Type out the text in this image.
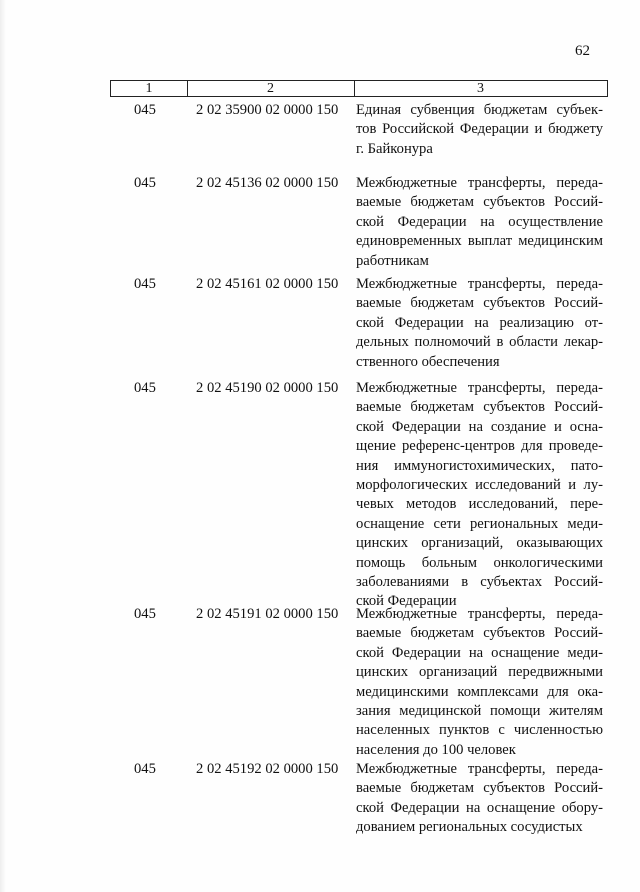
62
1	2	3
045	2 02 35900 02 0000 150	Единая субвенция бюджетам субъек-
тов Российской Федерации и бюджету
г. Байконура
045	2 02 45136 02 0000 150	Межбюджетные трансферты, переда-
ваемые бюджетам субъектов Россий-
ской Федерации на осуществление
единовременных выплат медицинским
работникам
045	2 02 45161 02 0000 150	Межбюджетные трансферты, переда-
ваемые бюджетам субъектов Россий-
ской Федерации на реализацию от-
дельных полномочий в области лекар-
ственного обеспечения
045	2 02 45190 02 0000 150	Межбюджетные трансферты, переда-
ваемые бюджетам субъектов Россий-
ской Федерации на создание и осна-
щение референс-центров для проведе-
ния иммуногистохимических, пато-
морфологических исследований и лу-
чевых методов исследований, пере-
оснащение сети региональных меди-
цинских организаций, оказывающих
помощь больным онкологическими
заболеваниями в субъектах Россий-
ской Федерации
045	2 02 45191 02 0000 150	Межбюджетные трансферты, переда-
ваемые бюджетам субъектов Россий-
ской Федерации на оснащение меди-
цинских организаций передвижными
медицинскими комплексами для ока-
зания медицинской помощи жителям
населенных пунктов с численностью
населения до 100 человек
045	2 02 45192 02 0000 150	Межбюджетные трансферты, переда-
ваемые бюджетам субъектов Россий-
ской Федерации на оснащение обору-
дованием региональных сосудистых
